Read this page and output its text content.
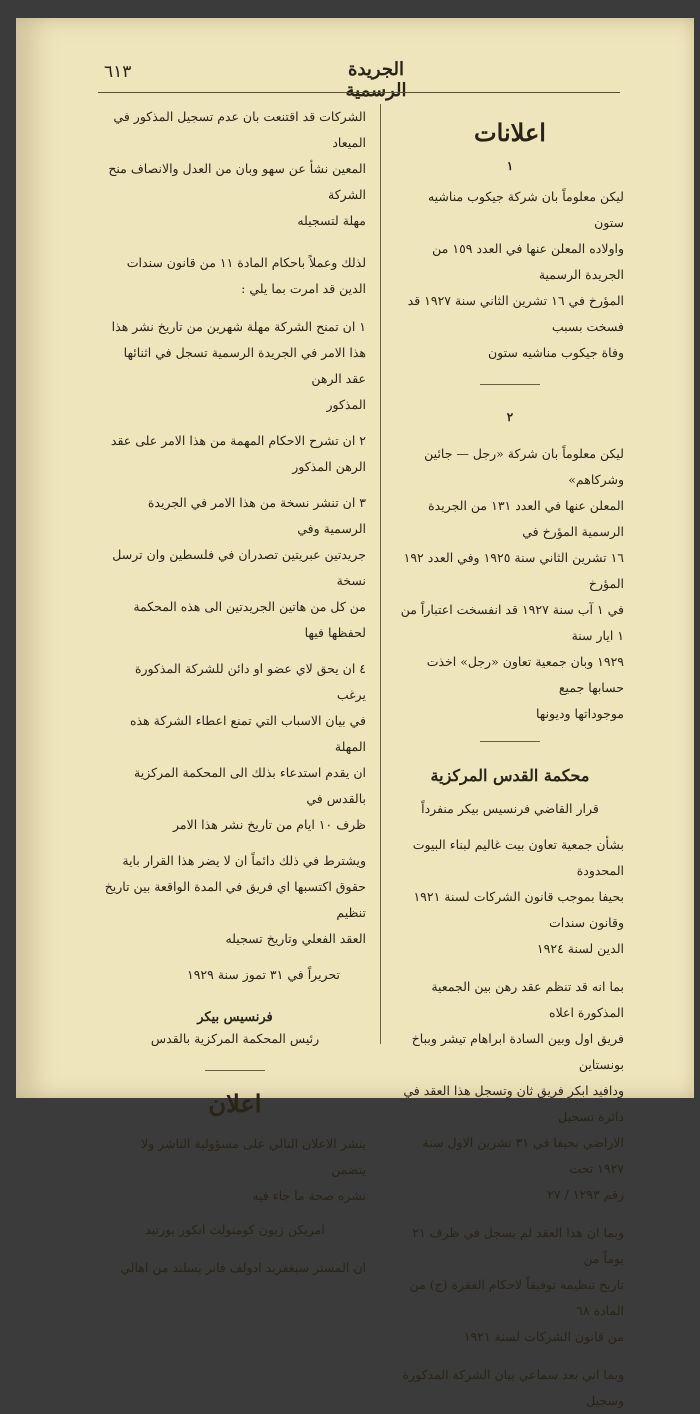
٦١٣	الجريدة الرسمية
اعلانات
١

ليكن معلوماً بان شركة جيكوب مناشيه ستون

واولاده المعلن عنها في العدد ١٥٩ من الجريدة الرسمية

المؤرخ في ١٦ تشرين الثاني سنة ١٩٢٧ قد فسخت بسبب

وفاة جيكوب مناشيه ستون

٢

ليكن معلوماً بان شركة «رجل — جائين وشركاهم»

المعلن عنها في العدد ١٣١ من الجريدة الرسمية المؤرخ في

١٦ تشرين الثاني سنة ١٩٢٥ وفي العدد ١٩٢ المؤرخ

في ١ آب سنة ١٩٢٧ قد انفسخت اعتباراً من ١ ايار سنة

١٩٢٩ وبان جمعية تعاون «رجل» اخذت حسابها جميع

موجوداتها وديونها

محكمة القدس المركزية
قرار القاضي فرنسيس بيكر منفرداً

بشأن جمعية تعاون بيت غاليم لبناء البيوت المحدودة

بحيفا بموجب قانون الشركات لسنة ١٩٢١ وقانون سندات

الدين لسنة ١٩٢٤

بما انه قد تنظم عقد رهن بين الجمعية المذكورة اعلاه

فريق اول وبين السادة ابراهام تيشر وبباخ بونستاين

ودافيد ابكر فريق ثان وتسجل هذا العقد في دائرة تسجيل

الاراضي بحيفا في ٣١ تشرين الاول سنة ١٩٢٧ تحت

رقم ١٢٩٣ / ٢٧

وبما ان هذا العقد لم يسجل في ظرف ٢١ يوماً من

تاريخ تنظيمه توفيقاً لاحكام الفقرة (ج) من المادة ٦٨

من قانون الشركات لسنة ١٩٢١

وبما اني بعد سماعي بيان الشركة المذكورة وسجيل

الشركات قد اقتنعت بان عدم تسجيل المذكور في الميعاد

المعين نشأ عن سهو وبان من العدل والانصاف منح الشركة

مهلة لتسجيله

لذلك وعملاً باحكام المادة ١١ من قانون سندات

الدين قد امرت بما يلي :

١ ان تمنح الشركة مهلة شهرين من تاريخ نشر هذا

هذا الامر في الجريدة الرسمية تسجل في اثنائها عقد الرهن

المذكور

٢ ان تشرح الاحكام المهمة من هذا الامر على عقد

الرهن المذكور

٣ ان تنشر نسخة من هذا الامر في الجريدة الرسمية وفي

جريدتين عبريتين تصدران في فلسطين وان ترسل نسخة

من كل من هاتين الجريدتين الى هذه المحكمة لحفظها فيها

٤ ان يحق لاي عضو او دائن للشركة المذكورة يرغب

في بيان الاسباب التي تمنع اعطاء الشركة هذه المهلة

ان يقدم استدعاء بذلك الى المحكمة المركزية بالقدس في

ظرف ١٠ ايام من تاريخ نشر هذا الامر

ويشترط في ذلك دائماً ان لا يضر هذا القرار باية

حقوق اكتسبها اي فريق في المدة الواقعة بين تاريخ تنظيم

العقد الفعلي وتاريخ تسجيله

تحريراً في ٣١ تموز سنة ١٩٢٩

فرنسيس بيكر
رئيس المحكمة المركزية بالقدس
اعلان

ينشر الاعلان التالي على مسؤولية الناشر ولا يتضمن

نشره صحة ما جاء فيه

امريكن زيون كومنولث انكور بورتيد

ان المستر سيغفريد ادولف فانر يسلند من اهالي
